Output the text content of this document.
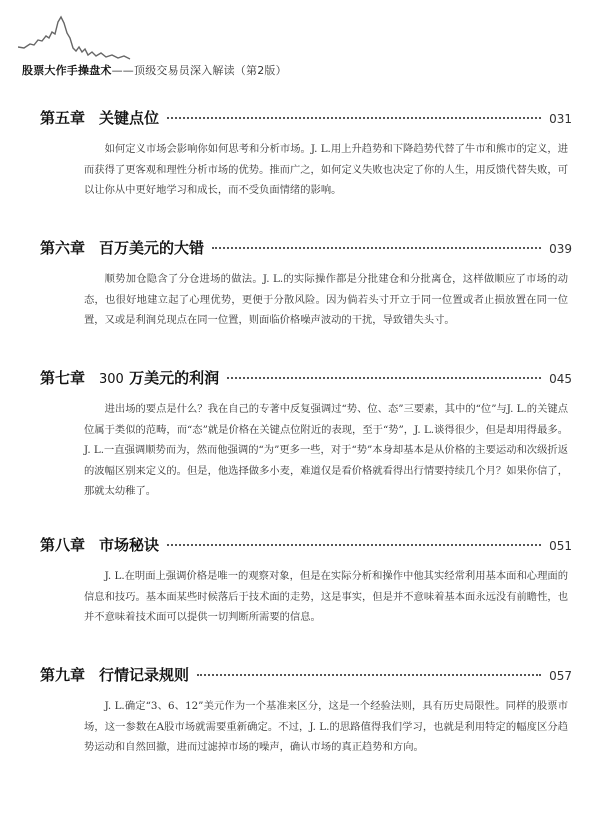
股票大作手操盘术——顶级交易员深入解读（第2版）
第五章 关键点位	031

如何定义市场会影响你如何思考和分析市场。J. L.用上升趋势和下降趋势代替了牛市和熊市的定义，进而获得了更客观和理性分析市场的优势。推而广之，如何定义失败也决定了你的人生，用反馈代替失败，可以让你从中更好地学习和成长，而不受负面情绪的影响。

第六章 百万美元的大错	039

顺势加仓隐含了分仓进场的做法。J. L.的实际操作都是分批建仓和分批离仓，这样做顺应了市场的动态，也很好地建立起了心理优势，更便于分散风险。因为倘若头寸开立于同一位置或者止损放置在同一位置，又或是利润兑现点在同一位置，则面临价格噪声波动的干扰，导致错失头寸。

第七章 300 万美元的利润	045

进出场的要点是什么？我在自己的专著中反复强调过“势、位、态”三要素，其中的“位”与J. L.的关键点位属于类似的范畴，而“态”就是价格在关键点位附近的表现，至于“势”，J. L.谈得很少，但是却用得最多。J. L.一直强调顺势而为，然而他强调的“为”更多一些，对于“势”本身却基本是从价格的主要运动和次级折返的波幅区别来定义的。但是，他选择做多小麦，难道仅是看价格就看得出行情要持续几个月？如果你信了，那就太幼稚了。

第八章 市场秘诀	051

J. L.在明面上强调价格是唯一的观察对象，但是在实际分析和操作中他其实经常利用基本面和心理面的信息和技巧。基本面某些时候落后于技术面的走势，这是事实，但是并不意味着基本面永远没有前瞻性，也并不意味着技术面可以提供一切判断所需要的信息。

第九章 行情记录规则	057

J. L.确定“3、6、12”美元作为一个基准来区分，这是一个经验法则，具有历史局限性。同样的股票市场，这一参数在A股市场就需要重新确定。不过，J. L.的思路值得我们学习，也就是利用特定的幅度区分趋势运动和自然回撤，进而过滤掉市场的噪声，确认市场的真正趋势和方向。
